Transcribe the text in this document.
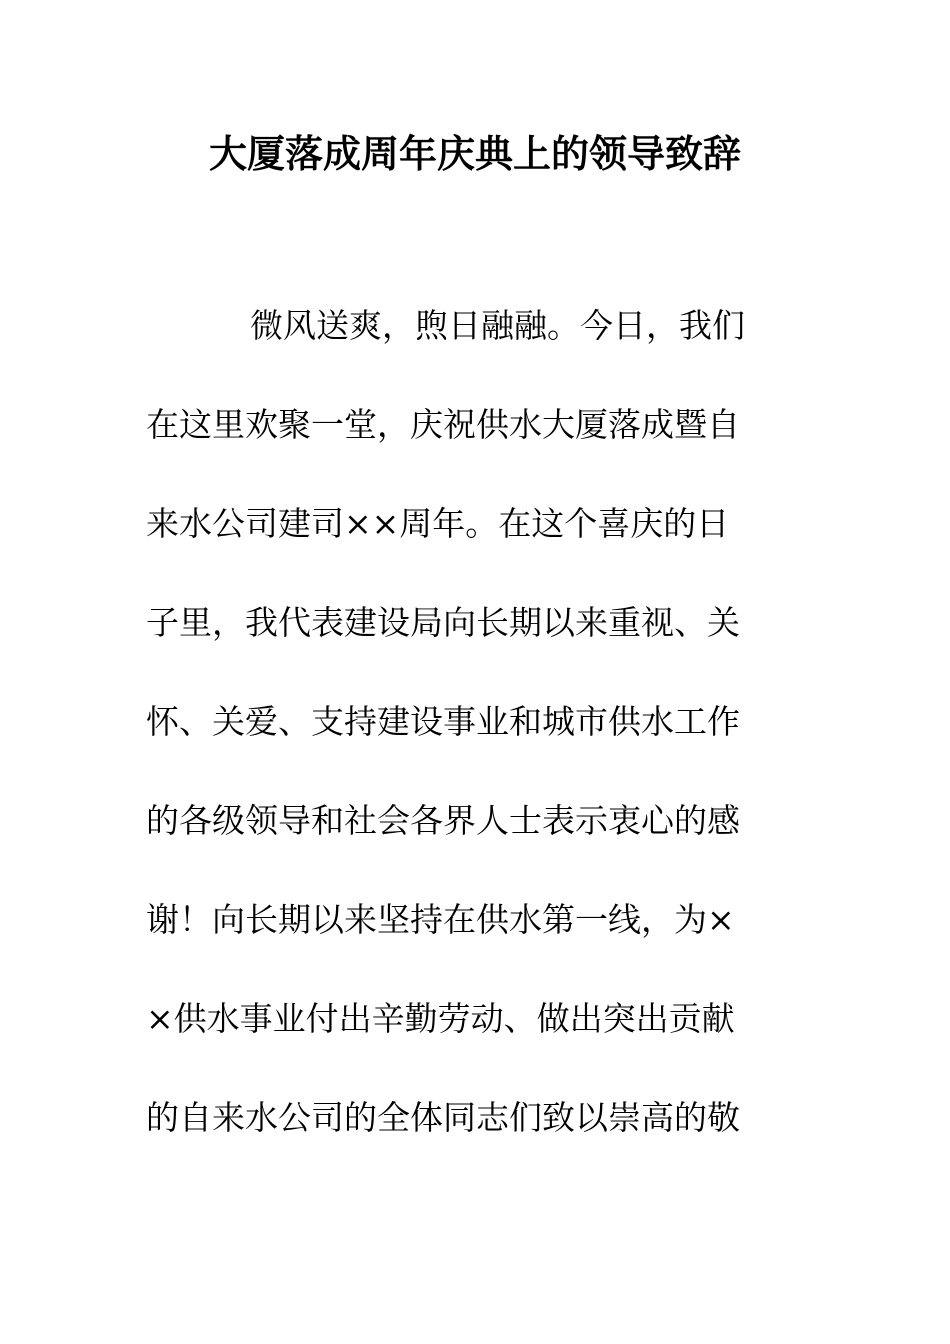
大厦落成周年庆典上的领导致辞
微风送爽，煦日融融。今日，我们
在这里欢聚一堂，庆祝供水大厦落成暨自
来水公司建司××周年。在这个喜庆的日
子里，我代表建设局向长期以来重视、关
怀、关爱、支持建设事业和城市供水工作
的各级领导和社会各界人士表示衷心的感
谢！向长期以来坚持在供水第一线，为×
×供水事业付出辛勤劳动、做出突出贡献
的自来水公司的全体同志们致以崇高的敬
